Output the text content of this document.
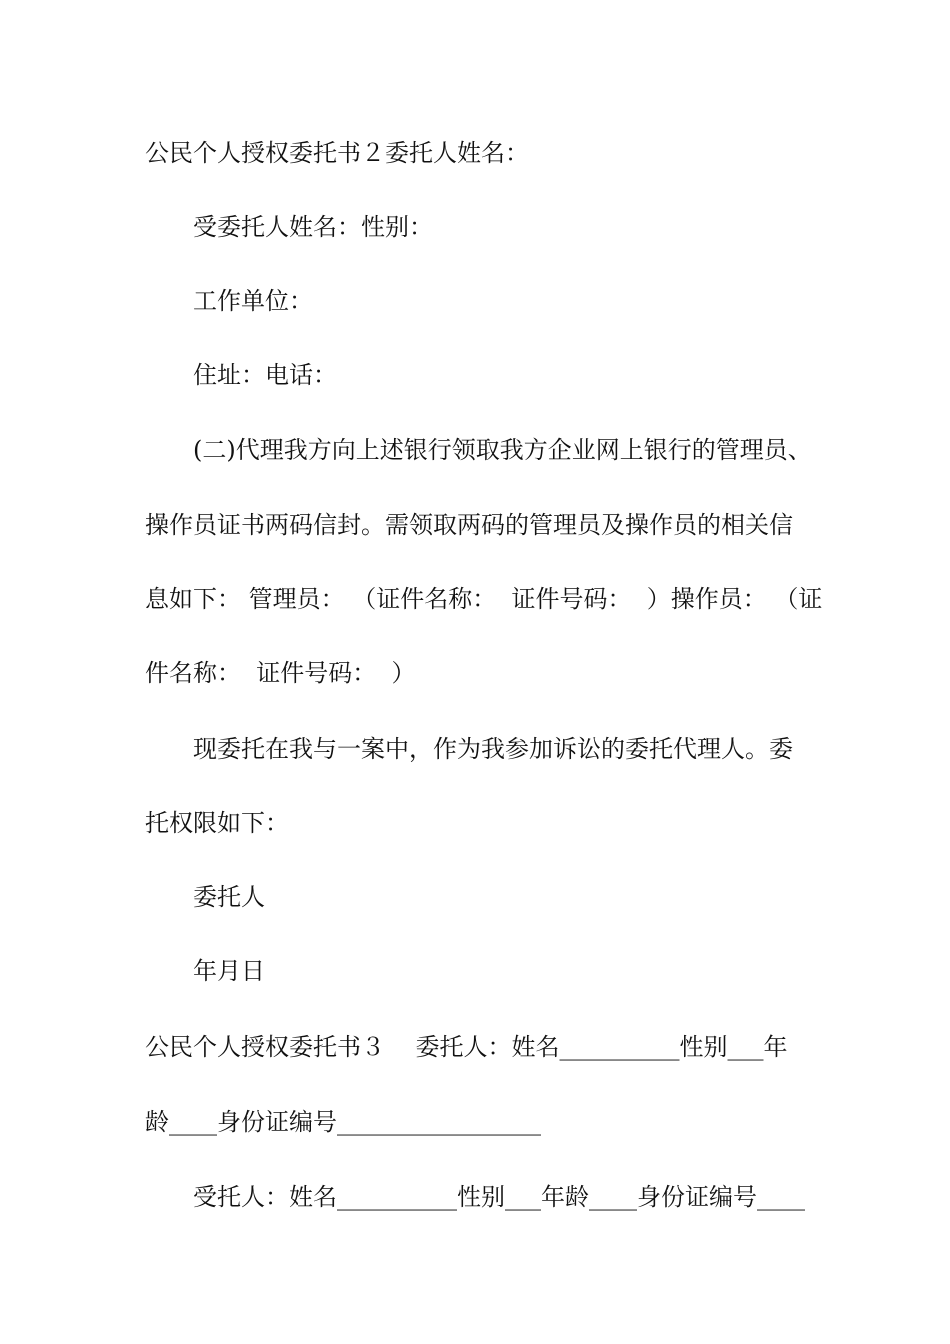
公民个人授权委托书２委托人姓名：
受委托人姓名：性别：
工作单位：
住址：电话：
(二)代理我方向上述银行领取我方企业网上银行的管理员、
操作员证书两码信封。需领取两码的管理员及操作员的相关信
息如下： 管理员： （证件名称：  证件号码：  ）操作员： （证
件名称：  证件号码：  ）
现委托在我与一案中，作为我参加诉讼的委托代理人。委
托权限如下：
委托人
年月日
公民个人授权委托书３    委托人：姓名__________性别___年
龄____身份证编号_________________
受托人：姓名__________性别___年龄____身份证编号____
